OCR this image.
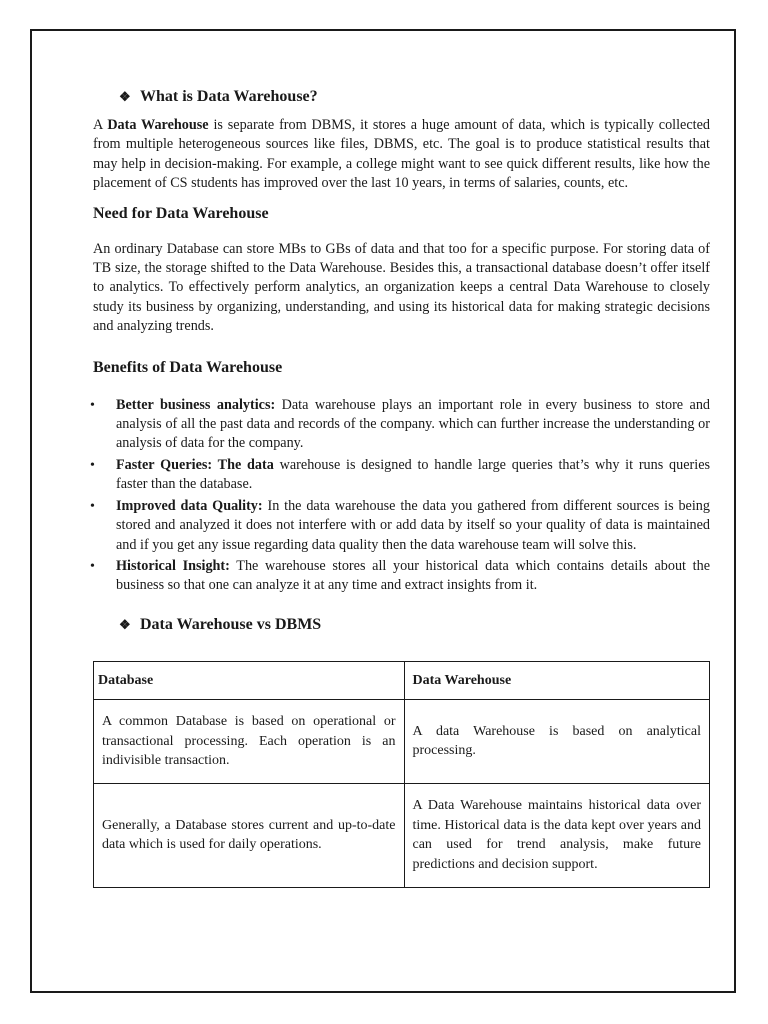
❖ What is Data Warehouse?

A Data Warehouse is separate from DBMS, it stores a huge amount of data, which is typically collected from multiple heterogeneous sources like files, DBMS, etc. The goal is to produce statistical results that may help in decision-making. For example, a college might want to see quick different results, like how the placement of CS students has improved over the last 10 years, in terms of salaries, counts, etc.

Need for Data Warehouse

An ordinary Database can store MBs to GBs of data and that too for a specific purpose. For storing data of TB size, the storage shifted to the Data Warehouse. Besides this, a transactional database doesn’t offer itself to analytics. To effectively perform analytics, an organization keeps a central Data Warehouse to closely study its business by organizing, understanding, and using its historical data for making strategic decisions and analyzing trends.

Benefits of Data Warehouse
• Better business analytics: Data warehouse plays an important role in every business to store and analysis of all the past data and records of the company. which can further increase the understanding or analysis of data for the company.
• Faster Queries: The data warehouse is designed to handle large queries that’s why it runs queries faster than the database.
• Improved data Quality: In the data warehouse the data you gathered from different sources is being stored and analyzed it does not interfere with or add data by itself so your quality of data is maintained and if you get any issue regarding data quality then the data warehouse team will solve this.
• Historical Insight: The warehouse stores all your historical data which contains details about the business so that one can analyze it at any time and extract insights from it.
❖ Data Warehouse vs DBMS
Database	Data Warehouse
A common Database is based on operational or transactional processing. Each operation is an indivisible transaction.	A data Warehouse is based on analytical processing.
Generally, a Database stores current and up-to-date data which is used for daily operations.	A Data Warehouse maintains historical data over time. Historical data is the data kept over years and can used for trend analysis, make future predictions and decision support.
